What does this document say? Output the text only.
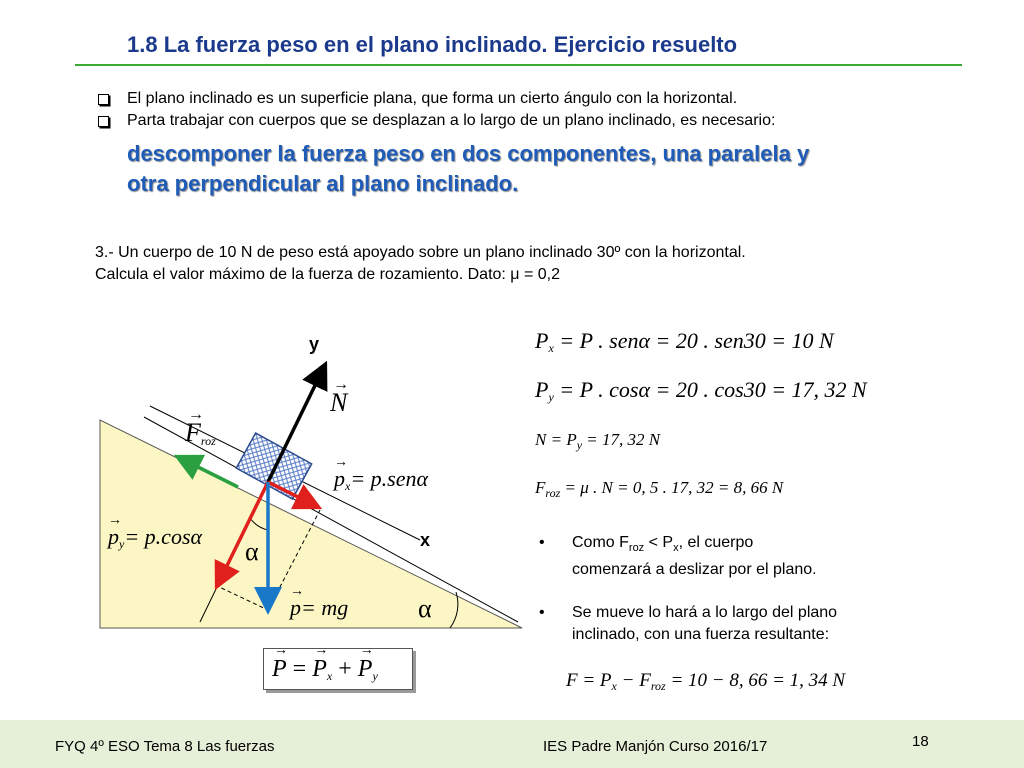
1.8 La fuerza peso en el plano inclinado. Ejercicio resuelto
El plano inclinado es un superficie plana, que forma un cierto ángulo con la horizontal.
Parta trabajar con cuerpos que se desplazan a lo largo de un plano inclinado, es necesario:
descomponer la fuerza peso en dos componentes, una paralela y
otra perpendicular al plano inclinado.
3.- Un cuerpo de 10 N de peso está apoyado sobre un plano inclinado 30º con la horizontal.
Calcula el valor máximo de la fuerza de rozamiento. Dato: μ = 0,2
y
x
→
N
→
$F_{roz}$
→
$p_x= p.sen\alpha$
→
$p_y= p.\cos\alpha$
→
p= mg
α
α
→
P =
→
$P_x$ +
→
$P_y$
$P_x = P$ . senα = 20 . sen30 = 10 N
$P_y = P$ . cosα = 20 . cos30 = 17, 32 N
$N = P_y = 17$, 32 N
$F_{roz} = \mu$ . N = 0, 5 . 17, 32 = 8, 66 N
• Como $F_{roz} < P_x$, el cuerpo
comenzará a deslizar por el plano.
• Se mueve lo hará a lo largo del plano
inclinado, con una fuerza resultante:
$F = P_x - F_{roz} = 10 - 8$, 66 = 1, 34 N
FYQ 4º ESO Tema 8 Las fuerzas	IES Padre Manjón Curso 2016/17	18
